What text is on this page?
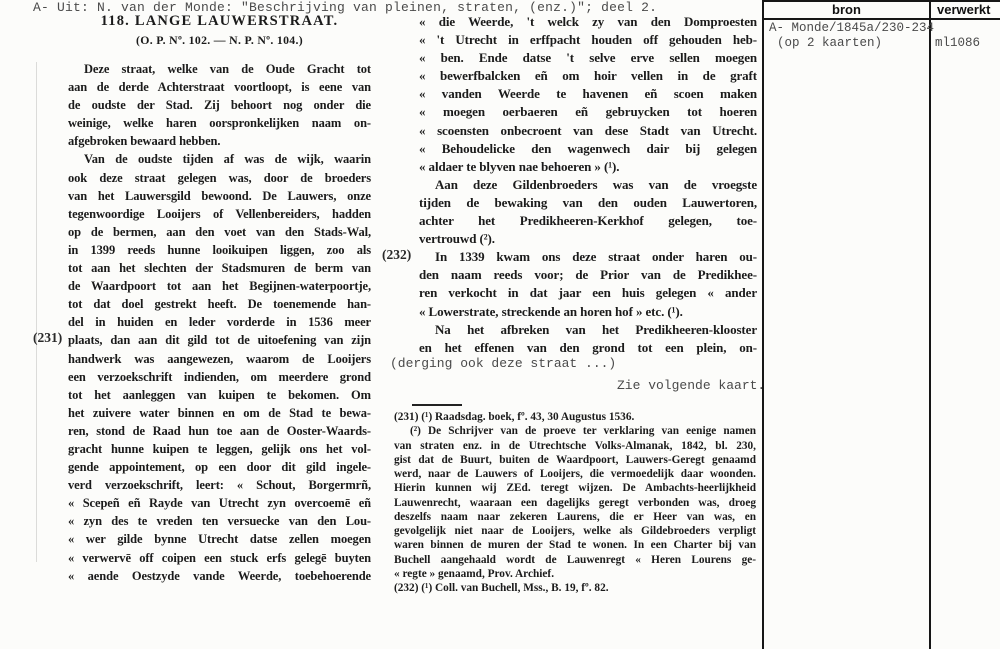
A- Uit: N. van der Monde: "Beschrijving van pleinen, straten, (enz.)"; deel 2.	bron	verwerkt
A- Monde/1845a/230-234
(op 2 kaarten)	ml1086
118. LANGE LAUWERSTRAAT.
(O. P. Nº. 102. — N. P. Nº. 104.)
Deze straat, welke van de Oude Gracht tot
aan de derde Achterstraat voortloopt, is eene van
de oudste der Stad. Zij behoort nog onder die
weinige, welke haren oorspronkelijken naam on-
afgebroken bewaard hebben.
Van de oudste tijden af was de wijk, waarin
ook deze straat gelegen was, door de broeders
van het Lauwersgild bewoond. De Lauwers, onze
tegenwoordige Looijers of Vellenbereiders, hadden
op de bermen, aan den voet van den Stads-Wal,
in 1399 reeds hunne looikuipen liggen, zoo als
tot aan het slechten der Stadsmuren de berm van
de Waardpoort tot aan het Begijnen-waterpoortje,
tot dat doel gestrekt heeft. De toenemende han-
del in huiden en leder vorderde in 1536 meer
plaats, dan aan dit gild tot de uitoefening van zijn
handwerk was aangewezen, waarom de Looijers
een verzoekschrift indienden, om meerdere grond
tot het aanleggen van kuipen te bekomen. Om
het zuivere water binnen en om de Stad te bewa-
ren, stond de Raad hun toe aan de Ooster-Waards-
gracht hunne kuipen te leggen, gelijk ons het vol-
gende appointement, op een door dit gild ingele-
verd verzoekschrift, leert: « Schout, Borgermrñ,
« Scepeñ eñ Rayde van Utrecht zyn overcoemē eñ
« zyn des te vreden ten versuecke van den Lou-
« wer gilde bynne Utrecht datse zellen moegen
« verwervē off coipen een stuck erfs gelegē buyten
« aende Oestzyde vande Weerde, toebehoerende
« die Weerde, 't welck zy van den Domproesten
« 't Utrecht in erffpacht houden off gehouden heb-
« ben. Ende datse 't selve erve sellen moegen
« bewerfbalcken eñ om hoir vellen in de graft
« vanden Weerde te havenen eñ scoen maken
« moegen oerbaeren eñ gebruycken tot hoeren
« scoensten onbecroent van dese Stadt van Utrecht.
« Behoudelicke den wagenwech dair bij gelegen
« aldaer te blyven nae behoeren » (¹).
Aan deze Gildenbroeders was van de vroegste
tijden de bewaking van den ouden Lauwertoren,
achter het Predikheeren-Kerkhof gelegen, toe-
vertrouwd (²).
In 1339 kwam ons deze straat onder haren ou-
den naam reeds voor; de Prior van de Predikhee-
ren verkocht in dat jaar een huis gelegen « ander
« Lowerstrate, streckende an horen hof » etc. (¹).
Na het afbreken van het Predikheeren-klooster
en het effenen van den grond tot een plein, on-
(231)
(232)
(derging ook deze straat ...)
Zie volgende kaart.
(231) (¹) Raadsdag. boek, fº. 43, 30 Augustus 1536.
(²) De Schrijver van de proeve ter verklaring van eenige namen
van straten enz. in de Utrechtsche Volks-Almanak, 1842, bl. 230,
gist dat de Buurt, buiten de Waardpoort, Lauwers-Geregt genaamd
werd, naar de Lauwers of Looijers, die vermoedelijk daar woonden.
Hierin kunnen wij ZEd. teregt wijzen. De Ambachts-heerlijkheid
Lauwenrecht, waaraan een dagelijks geregt verbonden was, droeg
deszelfs naam naar zekeren Laurens, die er Heer van was, en
gevolgelijk niet naar de Looijers, welke als Gildebroeders verpligt
waren binnen de muren der Stad te wonen. In een Charter bij van
Buchell aangehaald wordt de Lauwenregt « Heren Lourens ge-
« regte » genaamd, Prov. Archief.
(232) (¹) Coll. van Buchell, Mss., B. 19, fº. 82.
